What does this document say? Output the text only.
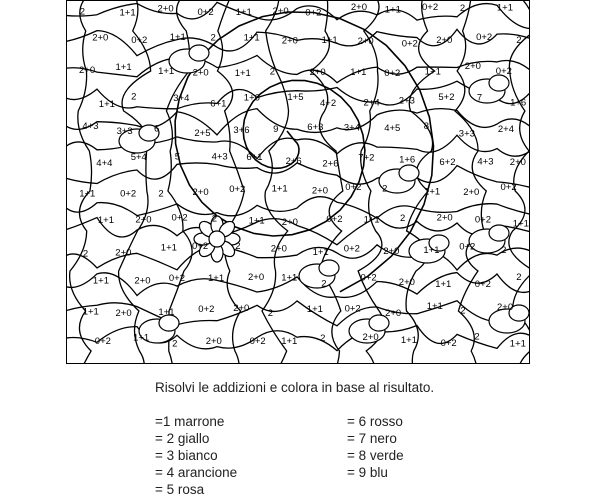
2	1+1 2+0	0+2 1+1 2+0 0+2	2+0 1+1 0+2 2	1+1
2+0 0+2 1+1	2	1+1 2+0 1+1 2+0	0+2 2+0	0+2	2
2+0 1+1	1+1 2+0	1+1 2	2+0	1+1 0+2	1+1
2+0 0+2
1+1
2	3+4 6+1
1+6	1+5
4+2	2+4 2+3 5+2 7	1+6
4+3 3+3 6	2+5 3+6 9	6+3 3+4	4+5 8
3+3 2+4
4+4
5+4	5	4+3 6+1 2+6 2+6
7+2	1+6	6+2 4+3 2+0
1+1	0+2 2	2+0 0+2	1+1	2+0 0+2 2	1+1 2+0 0+2
1+1 2+0 0+2	2	1+1 2+0	0+2 1+1 2	2+0 0+2 1+1
2	2+0	1+1 0+2	2	2+0	1+1 0+2 2+0	1+1 0+2	2
1+1	2+0 0+2 1+1	2+0 1+1
2
0+2 2+0 1+1 0+2
2
1+1 2+0	1+1	0+2 2+0 2	1+1 0+2	2+0
1+1 2	2+0
0+2 1+1
2	2+0	0+2 1+1 2	2+0 1+1 0+2
2
1+1
Risolvi le addizioni e colora in base al risultato.
=1 marrone
= 2 giallo
= 3 bianco
= 4 arancione
= 5 rosa
= 6 rosso
= 7 nero
= 8 verde
= 9 blu
